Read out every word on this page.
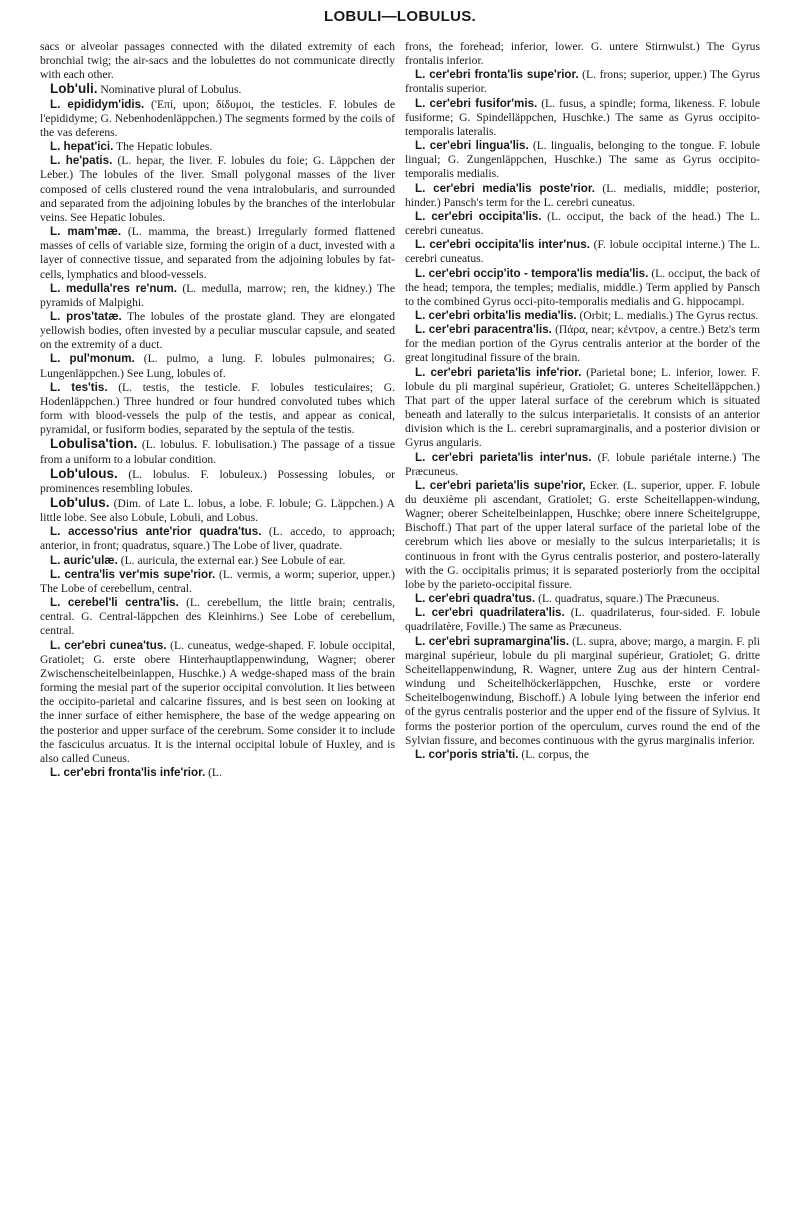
LOBULI—LOBULUS.

sacs or alveolar passages connected with the dilated extremity of each bronchial twig; the air-sacs and the lobulettes do not communicate directly with each other.

Lob'uli. Nominative plural of Lobulus.

L. epididym'idis. ('Επί, upon; δίδυμοι, the testicles. F. lobules de l'epididyme; G. Nebenhodenläppchen.) The segments formed by the coils of the vas deferens.

L. hepat'ici. The Hepatic lobules.

L. he'patis. (L. hepar, the liver. F. lobules du foie; G. Läppchen der Leber.) The lobules of the liver. Small polygonal masses of the liver composed of cells clustered round the vena intralobularis, and surrounded and separated from the adjoining lobules by the branches of the interlobular veins. See Hepatic lobules.

L. mam'mæ. (L. mamma, the breast.) Irregularly formed flattened masses of cells of variable size, forming the origin of a duct, invested with a layer of connective tissue, and separated from the adjoining lobules by fat-cells, lymphatics and blood-vessels.

L. medulla'res re'num. (L. medulla, marrow; ren, the kidney.) The pyramids of Malpighi.

L. pros'tatæ. The lobules of the prostate gland. They are elongated yellowish bodies, often invested by a peculiar muscular capsule, and seated on the extremity of a duct.

L. pul'monum. (L. pulmo, a lung. F. lobules pulmonaires; G. Lungenläppchen.) See Lung, lobules of.

L. tes'tis. (L. testis, the testicle. F. lobules testiculaires; G. Hodenläppchen.) Three hundred or four hundred convoluted tubes which form with blood-vessels the pulp of the testis, and appear as conical, pyramidal, or fusiform bodies, separated by the septula of the testis.

Lobulisa'tion. (L. lobulus. F. lobulisation.) The passage of a tissue from a uniform to a lobular condition.

Lob'ulous. (L. lobulus. F. lobuleux.) Possessing lobules, or prominences resembling lobules.

Lob'ulus. (Dim. of Late L. lobus, a lobe. F. lobule; G. Läppchen.) A little lobe. See also Lobule, Lobuli, and Lobus.

L. accesso'rius ante'rior quadra'tus. (L. accedo, to approach; anterior, in front; quadratus, square.) The Lobe of liver, quadrate.

L. auric'ulæ. (L. auricula, the external ear.) See Lobule of ear.

L. centra'lis ver'mis supe'rior. (L. vermis, a worm; superior, upper.) The Lobe of cerebellum, central.

L. cerebel'li centra'lis. (L. cerebellum, the little brain; centralis, central. G. Central-läppchen des Kleinhirns.) See Lobe of cerebellum, central.

L. cer'ebri cunea'tus. (L. cuneatus, wedge-shaped. F. lobule occipital, Gratiolet; G. erste obere Hinterhauptlappenwindung, Wagner; oberer Zwischenscheitelbeinlappen, Huschke.) A wedge-shaped mass of the brain forming the mesial part of the superior occipital convolution. It lies between the occipito-parietal and calcarine fissures, and is best seen on looking at the inner surface of either hemisphere, the base of the wedge appearing on the posterior and upper surface of the cerebrum. Some consider it to include the fasciculus arcuatus. It is the internal occipital lobule of Huxley, and is also called Cuneus.

L. cer'ebri fronta'lis infe'rior. (L.

frons, the forehead; inferior, lower. G. untere Stirnwulst.) The Gyrus frontalis inferior.

L. cer'ebri fronta'lis supe'rior. (L. frons; superior, upper.) The Gyrus frontalis superior.

L. cer'ebri fusifor'mis. (L. fusus, a spindle; forma, likeness. F. lobule fusiforme; G. Spindelläppchen, Huschke.) The same as Gyrus occipito-temporalis lateralis.

L. cer'ebri lingua'lis. (L. lingualis, belonging to the tongue. F. lobule lingual; G. Zungenläppchen, Huschke.) The same as Gyrus occipito-temporalis medialis.

L. cer'ebri media'lis poste'rior. (L. medialis, middle; posterior, hinder.) Pansch's term for the L. cerebri cuneatus.

L. cer'ebri occipita'lis. (L. occiput, the back of the head.) The L. cerebri cuneatus.

L. cer'ebri occipita'lis inter'nus. (F. lobule occipital interne.) The L. cerebri cuneatus.

L. cer'ebri occip'ito - tempora'lis media'lis. (L. occiput, the back of the head; tempora, the temples; medialis, middle.) Term applied by Pansch to the combined Gyrus occi-pito-temporalis medialis and G. hippocampi.

L. cer'ebri orbita'lis media'lis. (Orbit; L. medialis.) The Gyrus rectus.

L. cer'ebri paracentra'lis. (Πάρα, near; κέντρον, a centre.) Betz's term for the median portion of the Gyrus centralis anterior at the border of the great longitudinal fissure of the brain.

L. cer'ebri parieta'lis infe'rior. (Parietal bone; L. inferior, lower. F. lobule du pli marginal supérieur, Gratiolet; G. unteres Scheitelläppchen.) That part of the upper lateral surface of the cerebrum which is situated beneath and laterally to the sulcus interparietalis. It consists of an anterior division which is the L. cerebri supramarginalis, and a posterior division or Gyrus angularis.

L. cer'ebri parieta'lis inter'nus. (F. lobule pariétale interne.) The Præcuneus.

L. cer'ebri parieta'lis supe'rior, Ecker. (L. superior, upper. F. lobule du deuxième pli ascendant, Gratiolet; G. erste Scheitellappen-windung, Wagner; oberer Scheitelbeinlappen, Huschke; obere innere Scheitelgruppe, Bischoff.) That part of the upper lateral surface of the parietal lobe of the cerebrum which lies above or mesially to the sulcus interparietalis; it is continuous in front with the Gyrus centralis posterior, and postero-laterally with the G. occipitalis primus; it is separated posteriorly from the occipital lobe by the parieto-occipital fissure.

L. cer'ebri quadra'tus. (L. quadratus, square.) The Præcuneus.

L. cer'ebri quadrilatera'lis. (L. quadrilaterus, four-sided. F. lobule quadrilatère, Foville.) The same as Præcuneus.

L. cer'ebri supramargina'lis. (L. supra, above; margo, a margin. F. pli marginal supérieur, lobule du pli marginal supérieur, Gratiolet; G. dritte Scheitellappenwindung, R. Wagner, untere Zug aus der hintern Central-windung und Scheitelhöckerläppchen, Huschke, erste or vordere Scheitelbogenwindung, Bischoff.) A lobule lying between the inferior end of the gyrus centralis posterior and the upper end of the fissure of Sylvius. It forms the posterior portion of the operculum, curves round the end of the Sylvian fissure, and becomes continuous with the gyrus marginalis inferior.

L. cor'poris stria'ti. (L. corpus, the
